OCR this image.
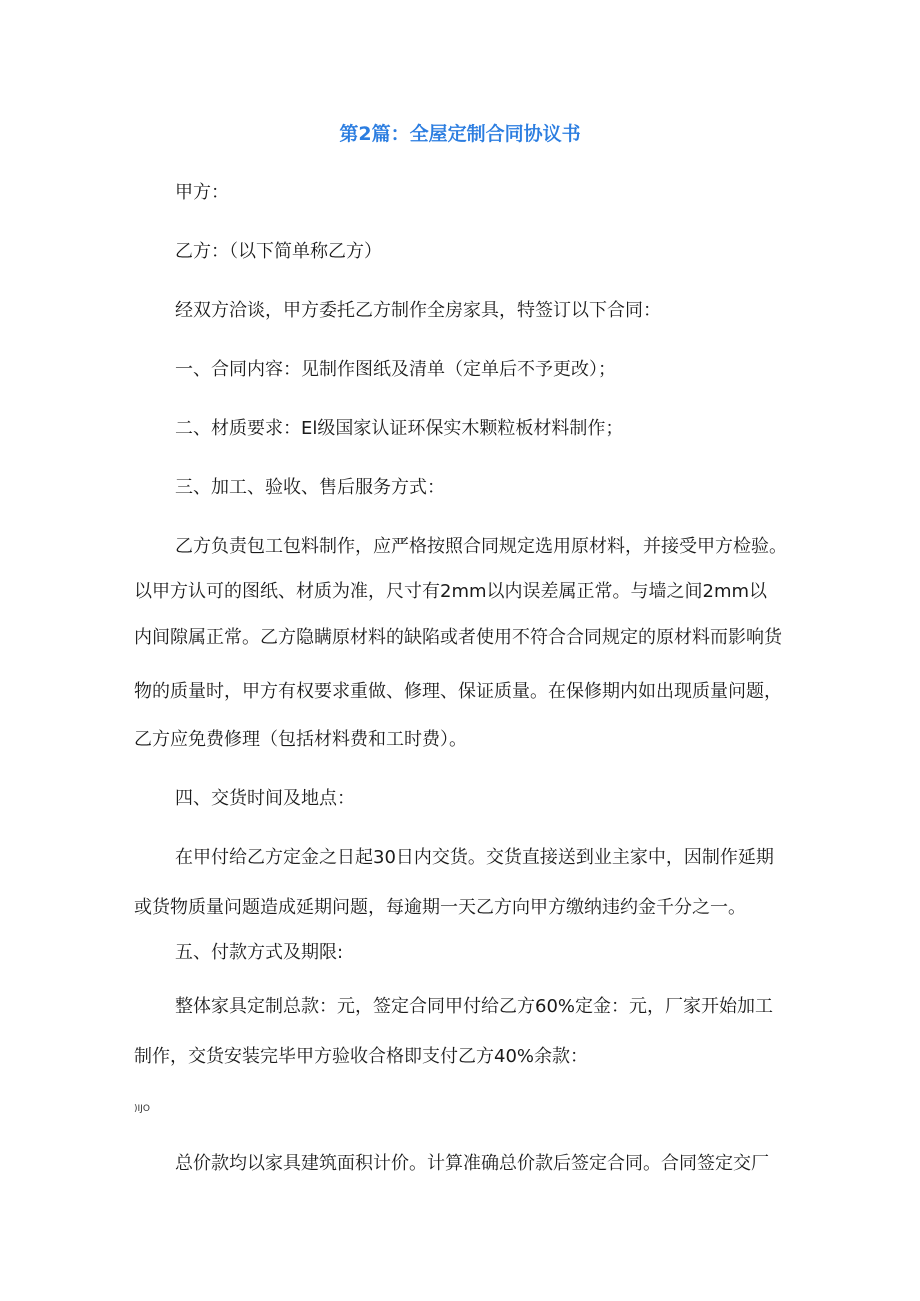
第2篇：全屋定制合同协议书
甲方：
乙方：（以下简单称乙方）
经双方洽谈，甲方委托乙方制作全房家具，特签订以下合同：
一、合同内容：见制作图纸及清单（定单后不予更改）；
二、材质要求：El级国家认证环保实木颗粒板材料制作；
三、加工、验收、售后服务方式：
乙方负责包工包料制作，应严格按照合同规定选用原材料，并接受甲方检验。
以甲方认可的图纸、材质为准，尺寸有2mm以内误差属正常。与墙之间2mm以
内间隙属正常。乙方隐瞒原材料的缺陷或者使用不符合合同规定的原材料而影响货
物的质量时，甲方有权要求重做、修理、保证质量。在保修期内如出现质量问题，
乙方应免费修理（包括材料费和工时费）。
四、交货时间及地点：
在甲付给乙方定金之日起30日内交货。交货直接送到业主家中，因制作延期
或货物质量问题造成延期问题，每逾期一天乙方向甲方缴纳违约金千分之一。
五、付款方式及期限:
整体家具定制总款：元，签定合同甲付给乙方60%定金：元，厂家开始加工
制作，交货安装完毕甲方验收合格即支付乙方40%余款：
)IJO
总价款均以家具建筑面积计价。计算准确总价款后签定合同。合同签定交厂
